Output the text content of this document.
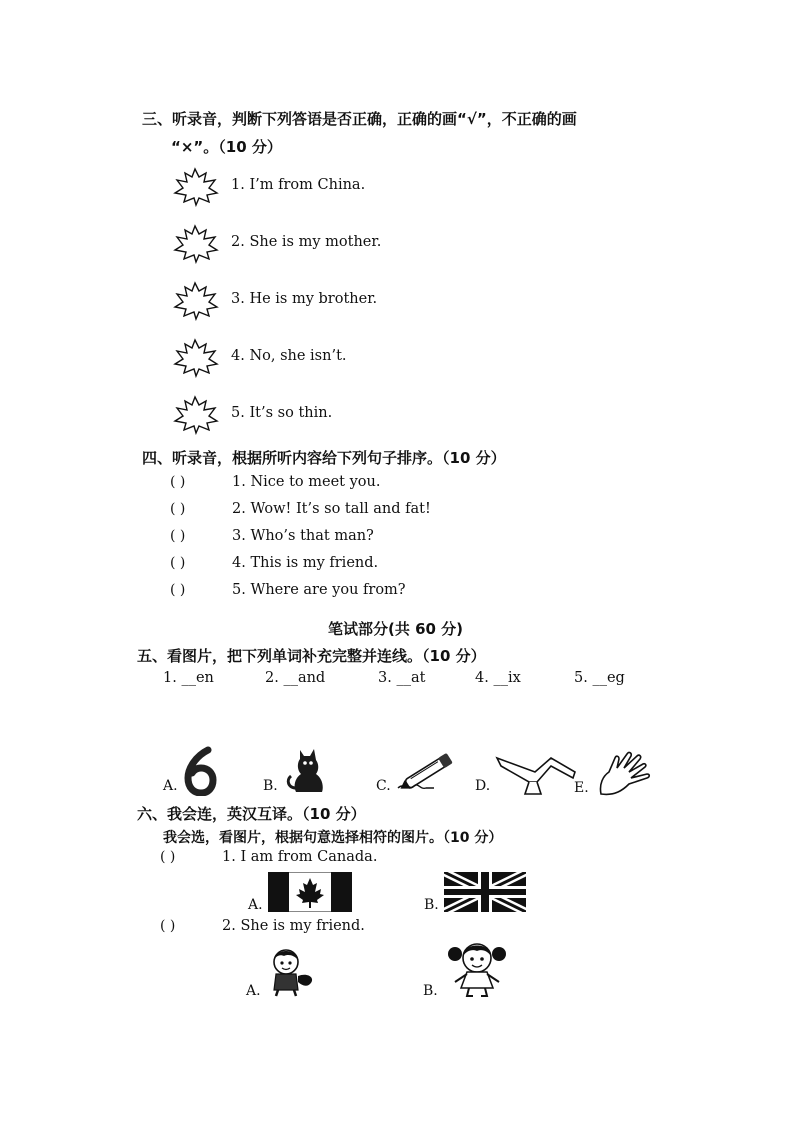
三、听录音，判断下列答语是否正确，正确的画“√”，不正确的画
“×”。（10 分）
1. I’m from China.
2. She is my mother.
3. He is my brother.
4. No, she isn’t.
5. It’s so thin.
四、听录音，根据所听内容给下列句子排序。（10 分）
( )	1. Nice to meet you.
( )	2. Wow! It’s so tall and fat!
( )	3. Who’s that man?
( )	4. This is my friend.
( )	5. Where are you from?
笔试部分(共 60 分)
五、看图片，把下列单词补充完整并连线。（10 分）
1. __en	2. __and	3. __at	4. __ix	5. __eg
A.	B.	C.	D.	E.
六、我会连，英汉互译。（10 分）
我会选，看图片，根据句意选择相符的图片。（10 分）
( )	1. I am from Canada.
A.	B.
( )	2. She is my friend.
A.	B.
